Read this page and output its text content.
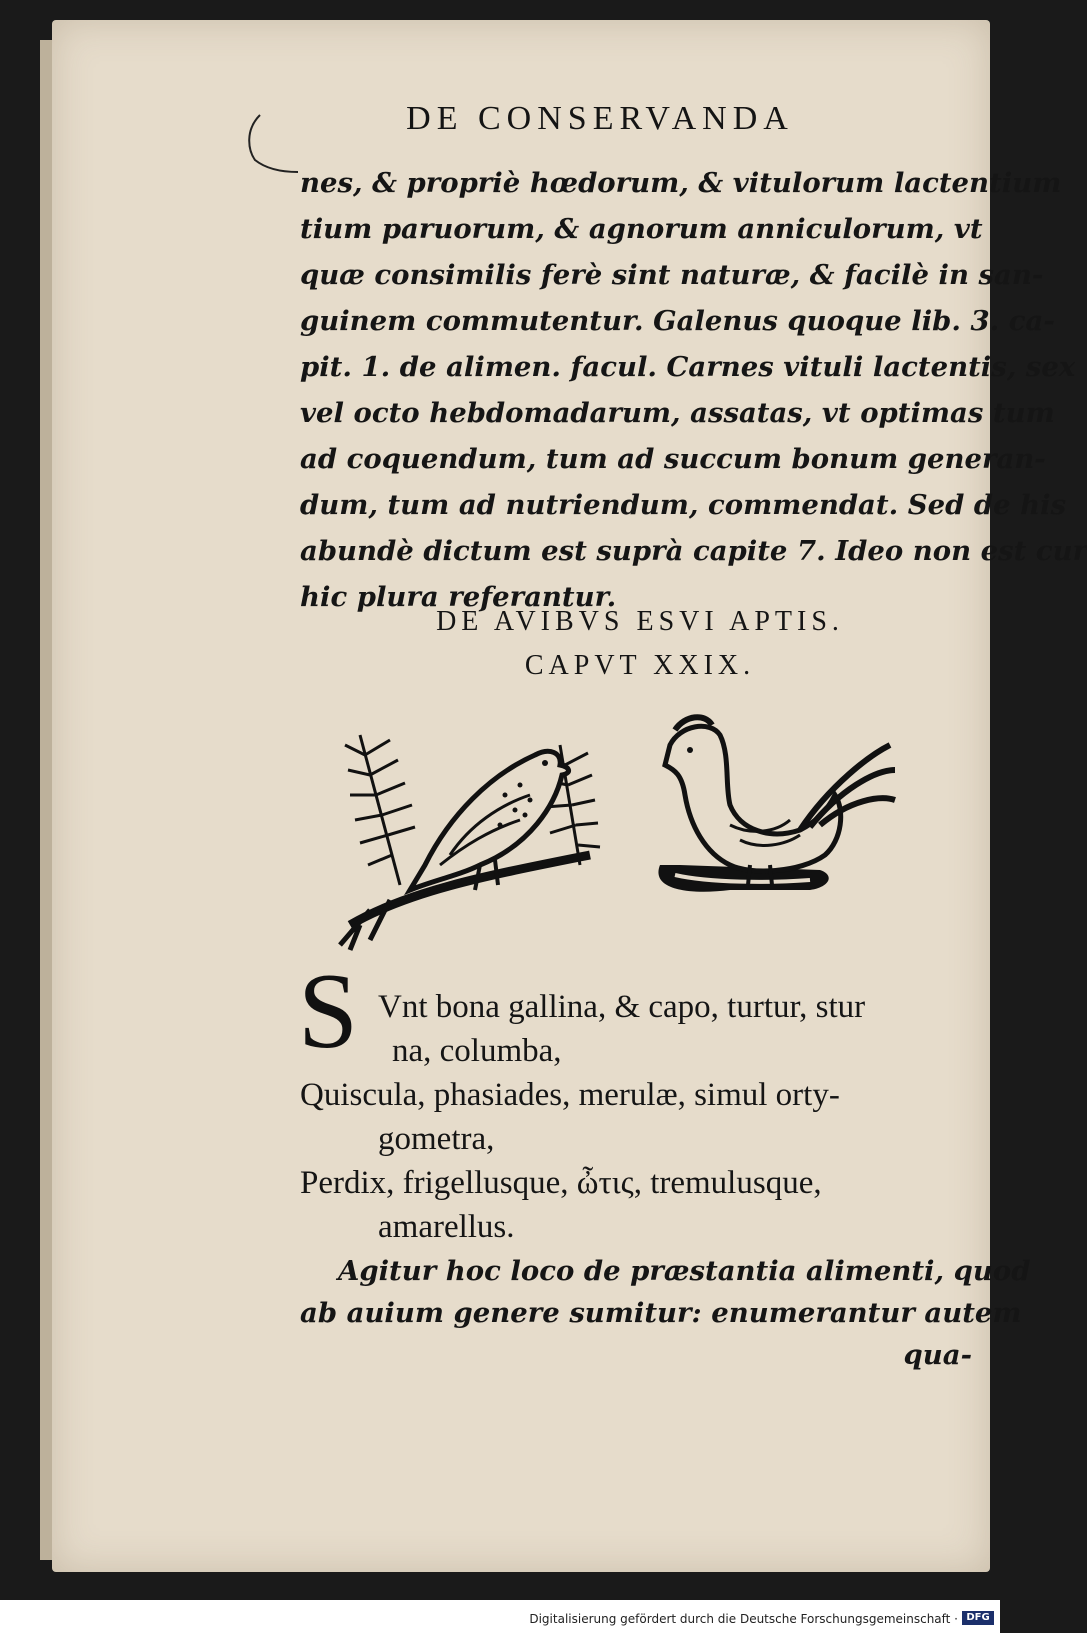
DE CONSERVANDA
nes, & propriè hœdorum, & vitulorum lactentium
tium paruorum, & agnorum anniculorum, vt
quæ consimilis ferè sint naturæ, & facilè in san-
guinem commutentur. Galenus quoque lib. 3. ca-
pit. 1. de alimen. facul. Carnes vituli lactentis, sex
vel octo hebdomadarum, assatas, vt optimas tum
ad coquendum, tum ad succum bonum generan-
dum, tum ad nutriendum, commendat. Sed de his
abundè dictum est suprà capite 7. Ideo non est cur
hic plura referantur.
DE AVIBVS ESVI APTIS.
CAPVT XXIX.
S Vnt bona gallina, & capo, turtur, stur
na, columba,
Quiscula, phasiades, merulæ, simul orty-
gometra,
Perdix, frigellusque, ὦτις, tremulusque,
amarellus.
Agitur hoc loco de præstantia alimenti, quod
ab auium genere sumitur: enumerantur autem
qua-
Digitalisierung gefördert durch die Deutsche Forschungsgemeinschaft · DFG
